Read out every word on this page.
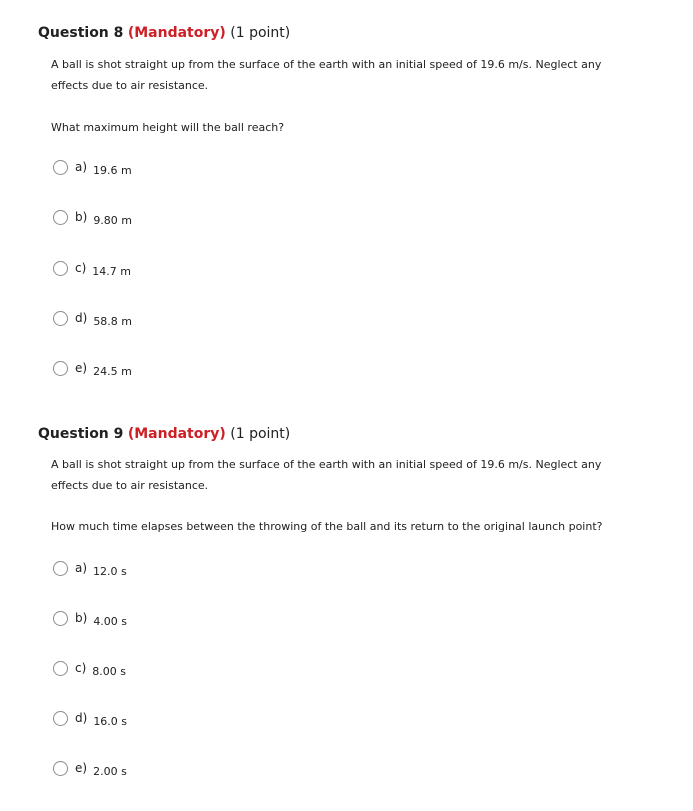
Question 8 (Mandatory) (1 point)
A ball is shot straight up from the surface of the earth with an initial speed of 19.6 m/s. Neglect any effects due to air resistance.
What maximum height will the ball reach?
a) 19.6 m
b) 9.80 m
c) 14.7 m
d) 58.8 m
e) 24.5 m
Question 9 (Mandatory) (1 point)
A ball is shot straight up from the surface of the earth with an initial speed of 19.6 m/s. Neglect any effects due to air resistance.
How much time elapses between the throwing of the ball and its return to the original launch point?
a) 12.0 s
b) 4.00 s
c) 8.00 s
d) 16.0 s
e) 2.00 s
